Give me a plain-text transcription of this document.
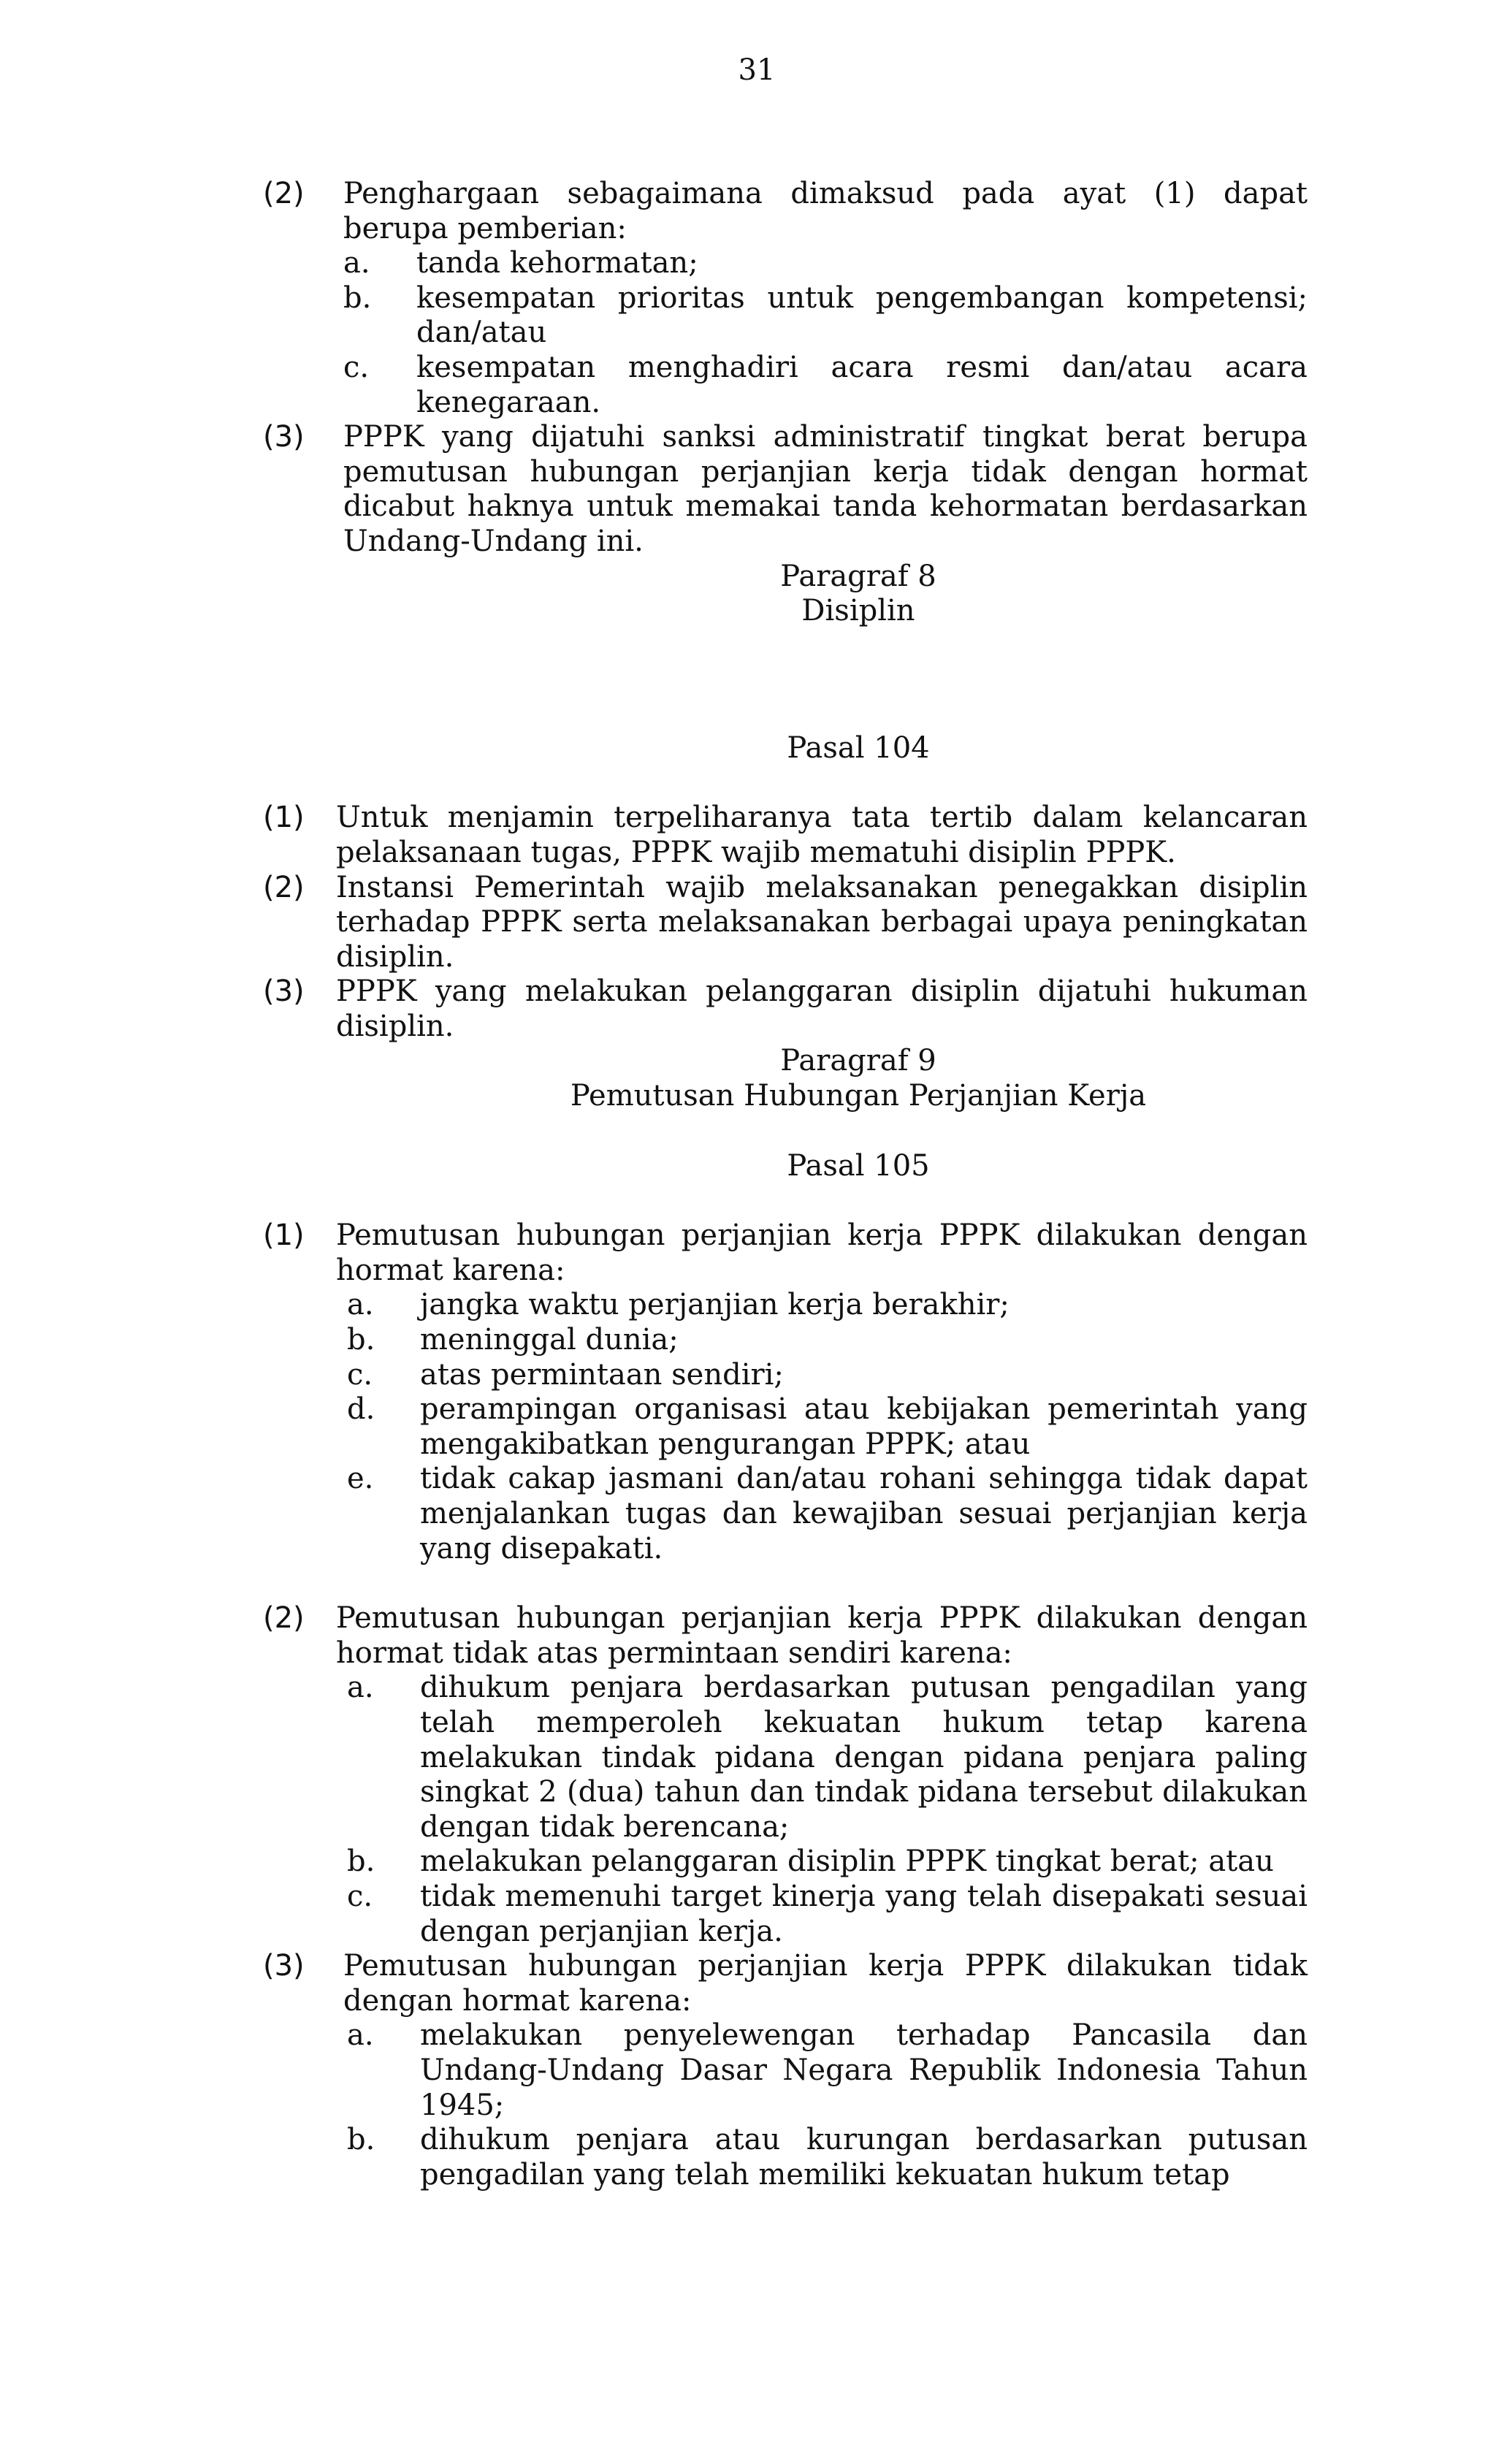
31
(2)	Penghargaan sebagaimana dimaksud pada ayat (1) dapat berupa pemberian:
a.	tanda kehormatan;
b.	kesempatan prioritas untuk pengembangan kompetensi; dan/atau
c.	kesempatan menghadiri acara resmi dan/atau acara kenegaraan.
(3)	PPPK yang dijatuhi sanksi administratif tingkat berat berupa pemutusan hubungan perjanjian kerja tidak dengan hormat dicabut haknya untuk memakai tanda kehormatan berdasarkan Undang-Undang ini.
Paragraf 8
Disiplin
Pasal 104
(1)	Untuk menjamin terpeliharanya tata tertib dalam kelancaran pelaksanaan tugas, PPPK wajib mematuhi disiplin PPPK.
(2)	Instansi Pemerintah wajib melaksanakan penegakkan disiplin terhadap PPPK serta melaksanakan berbagai upaya peningkatan disiplin.
(3)	PPPK yang melakukan pelanggaran disiplin dijatuhi hukuman disiplin.
Paragraf 9
Pemutusan Hubungan Perjanjian Kerja
Pasal 105
(1)	Pemutusan hubungan perjanjian kerja PPPK dilakukan dengan hormat karena:
a.	jangka waktu perjanjian kerja berakhir;
b.	meninggal dunia;
c.	atas permintaan sendiri;
d.	perampingan organisasi atau kebijakan pemerintah yang mengakibatkan pengurangan PPPK; atau
e.	tidak cakap jasmani dan/atau rohani sehingga tidak dapat menjalankan tugas dan kewajiban sesuai perjanjian kerja yang disepakati.
(2)	Pemutusan hubungan perjanjian kerja PPPK dilakukan dengan hormat tidak atas permintaan sendiri karena:
a.	dihukum penjara berdasarkan putusan pengadilan yang telah memperoleh kekuatan hukum tetap karena melakukan tindak pidana dengan pidana penjara paling singkat 2 (dua) tahun dan tindak pidana tersebut dilakukan dengan tidak berencana;
b.	melakukan pelanggaran disiplin PPPK tingkat berat; atau
c.	tidak memenuhi target kinerja yang telah disepakati sesuai dengan perjanjian kerja.
(3)	Pemutusan hubungan perjanjian kerja PPPK dilakukan tidak dengan hormat karena:
a.	melakukan penyelewengan terhadap Pancasila dan Undang-Undang Dasar Negara Republik Indonesia Tahun 1945;
b.	dihukum penjara atau kurungan berdasarkan putusan pengadilan yang telah memiliki kekuatan hukum tetap
